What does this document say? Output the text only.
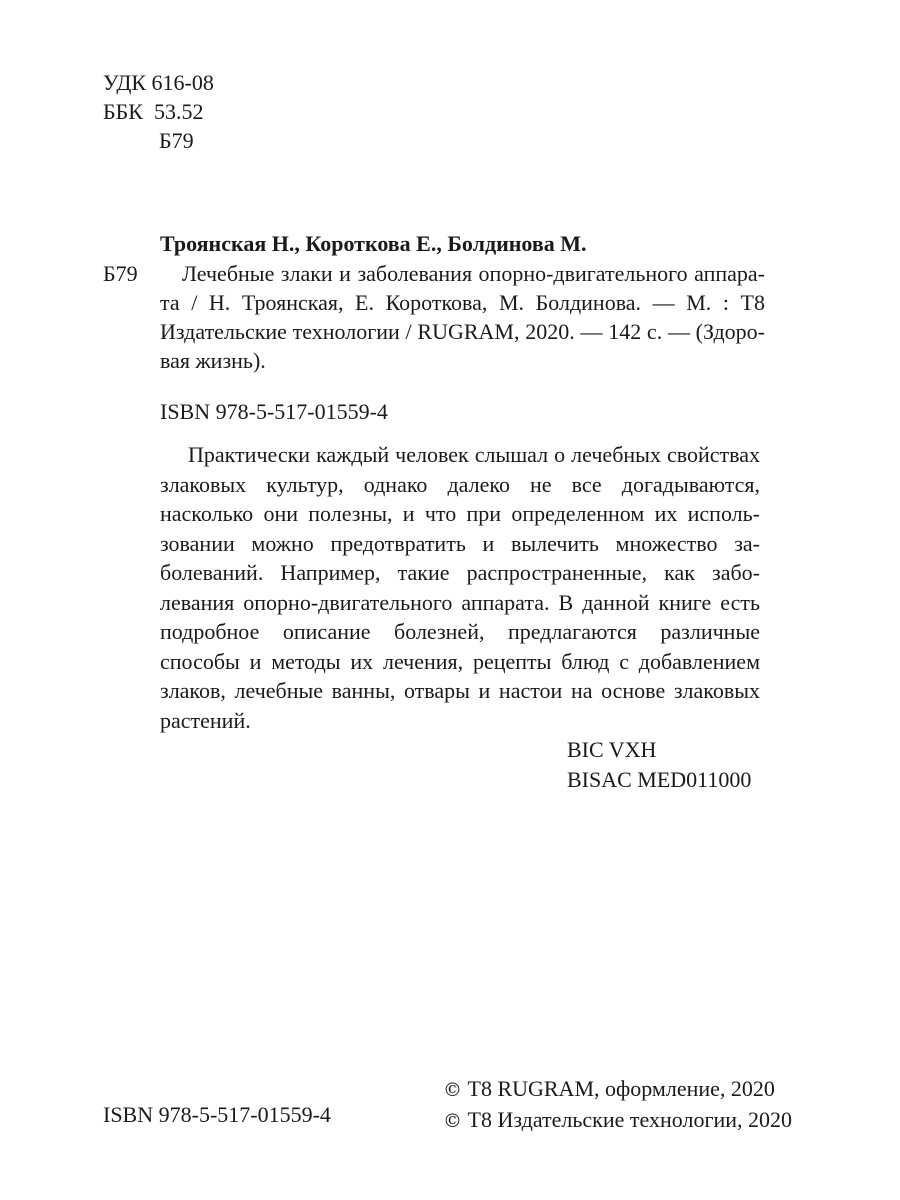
УДК 616-08
ББК  53.52
Б79
Троянская Н., Короткова Е., Болдинова М.
Б79	Лечебные злаки и заболевания опорно-двигательного аппарата / Н. Троянская, Е. Короткова, М. Болдинова. — М. : Т8 Издательские технологии / RUGRAM, 2020. — 142 с. — (Здоровая жизнь).
ISBN 978-5-517-01559-4
Практически каждый человек слышал о лечебных свойствах злаковых культур, однако далеко не все догадываются, насколько они полезны, и что при определенном их использовании можно предотвратить и вылечить множество заболеваний. Например, такие распространенные, как заболевания опорно-двигательного аппарата. В данной книге есть подробное описание болезней, предлагаются различные способы и методы их лечения, рецепты блюд с добавлением злаков, лечебные ванны, отвары и настои на основе злаковых растений.
BIC VXH
BISAC MED011000
ISBN 978-5-517-01559-4
© Т8 RUGRAM, оформление, 2020
© Т8 Издательские технологии, 2020
